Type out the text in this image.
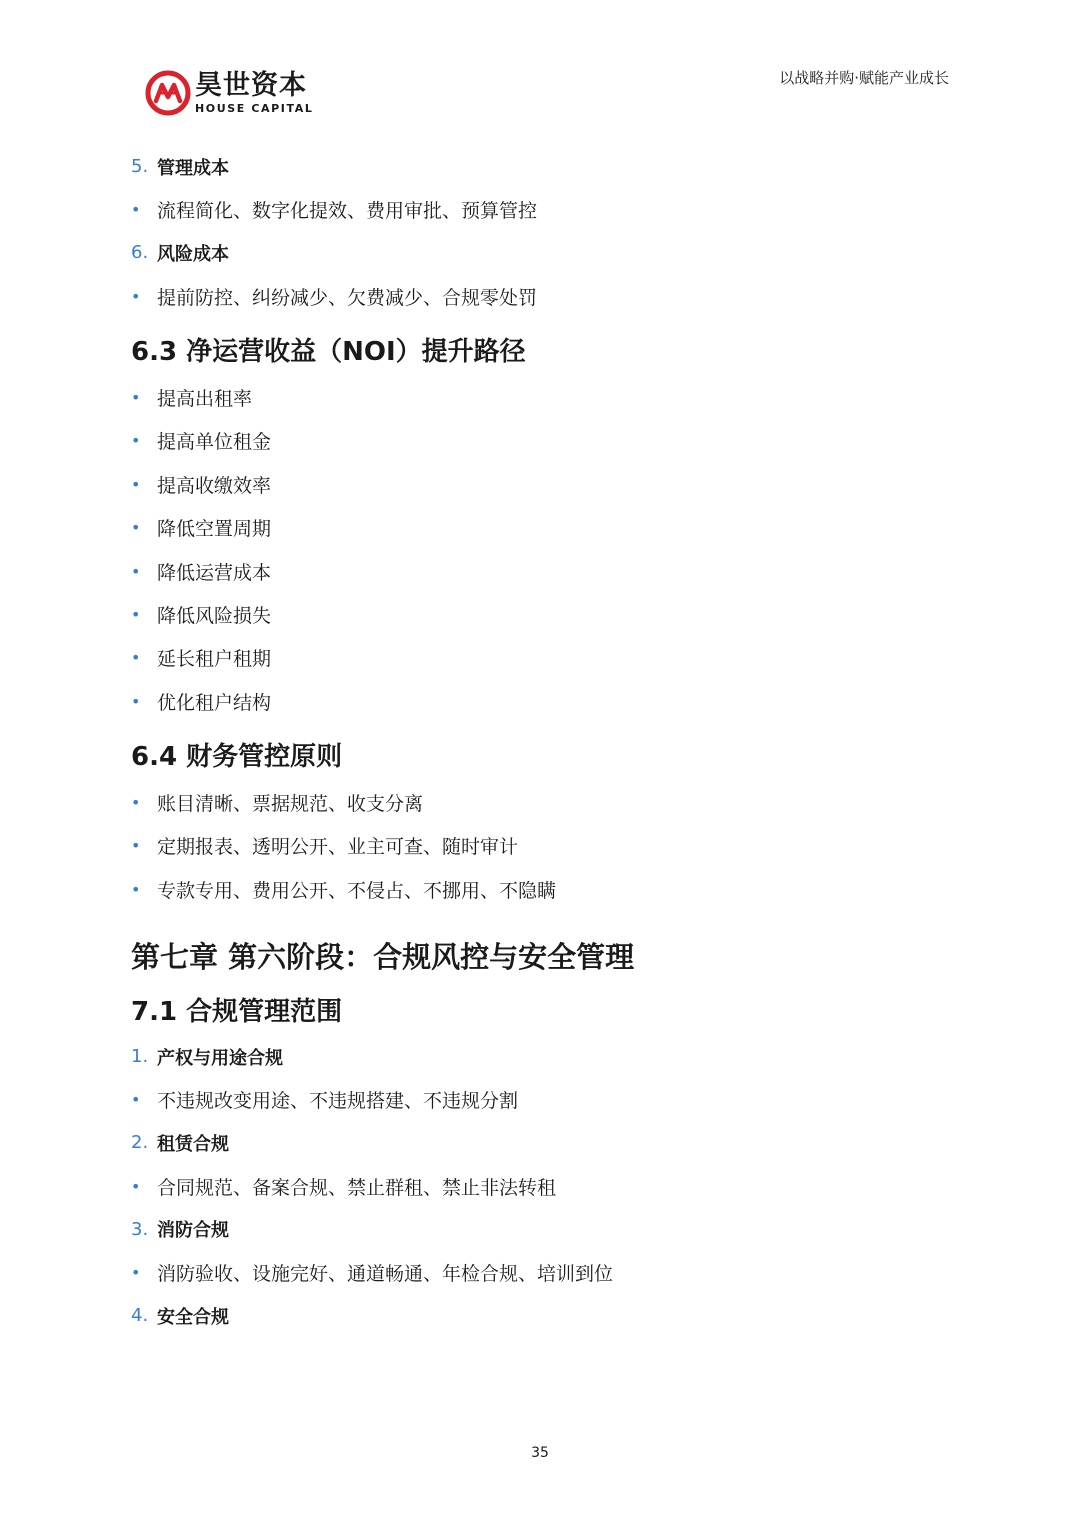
昊世资本
HOUSE CAPITAL
以战略并购·赋能产业成长
5. 管理成本
• 流程简化、数字化提效、费用审批、预算管控
6. 风险成本
• 提前防控、纠纷减少、欠费减少、合规零处罚
6.3 净运营收益（NOI）提升路径
• 提高出租率
• 提高单位租金
• 提高收缴效率
• 降低空置周期
• 降低运营成本
• 降低风险损失
• 延长租户租期
• 优化租户结构
6.4 财务管控原则
• 账目清晰、票据规范、收支分离
• 定期报表、透明公开、业主可查、随时审计
• 专款专用、费用公开、不侵占、不挪用、不隐瞒
第七章 第六阶段：合规风控与安全管理
7.1 合规管理范围
1. 产权与用途合规
• 不违规改变用途、不违规搭建、不违规分割
2. 租赁合规
• 合同规范、备案合规、禁止群租、禁止非法转租
3. 消防合规
• 消防验收、设施完好、通道畅通、年检合规、培训到位
4. 安全合规
35
